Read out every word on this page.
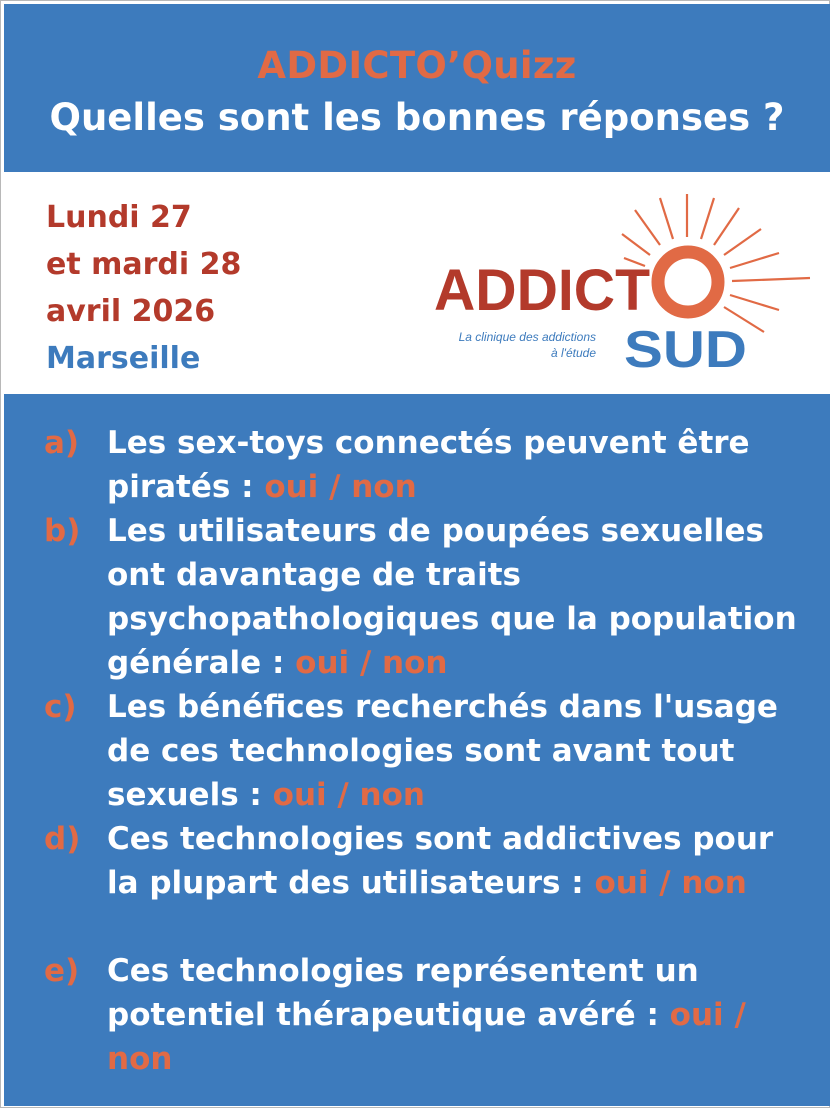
ADDICTO’Quizz
Quelles sont les bonnes réponses ?
Lundi 27
et mardi 28
avril 2026
Marseille
ADDICT
La clinique des addictions
à l'étude SUD
a) Les sex-toys connectés peuvent être piratés : oui / non
b) Les utilisateurs de poupées sexuelles ont davantage de traits psychopathologiques que la population générale : oui / non
c) Les bénéfices recherchés dans l'usage de ces technologies sont avant tout sexuels : oui / non
d) Ces technologies sont addictives pour la plupart des utilisateurs : oui / non
e) Ces technologies représentent un potentiel thérapeutique avéré : oui / non
